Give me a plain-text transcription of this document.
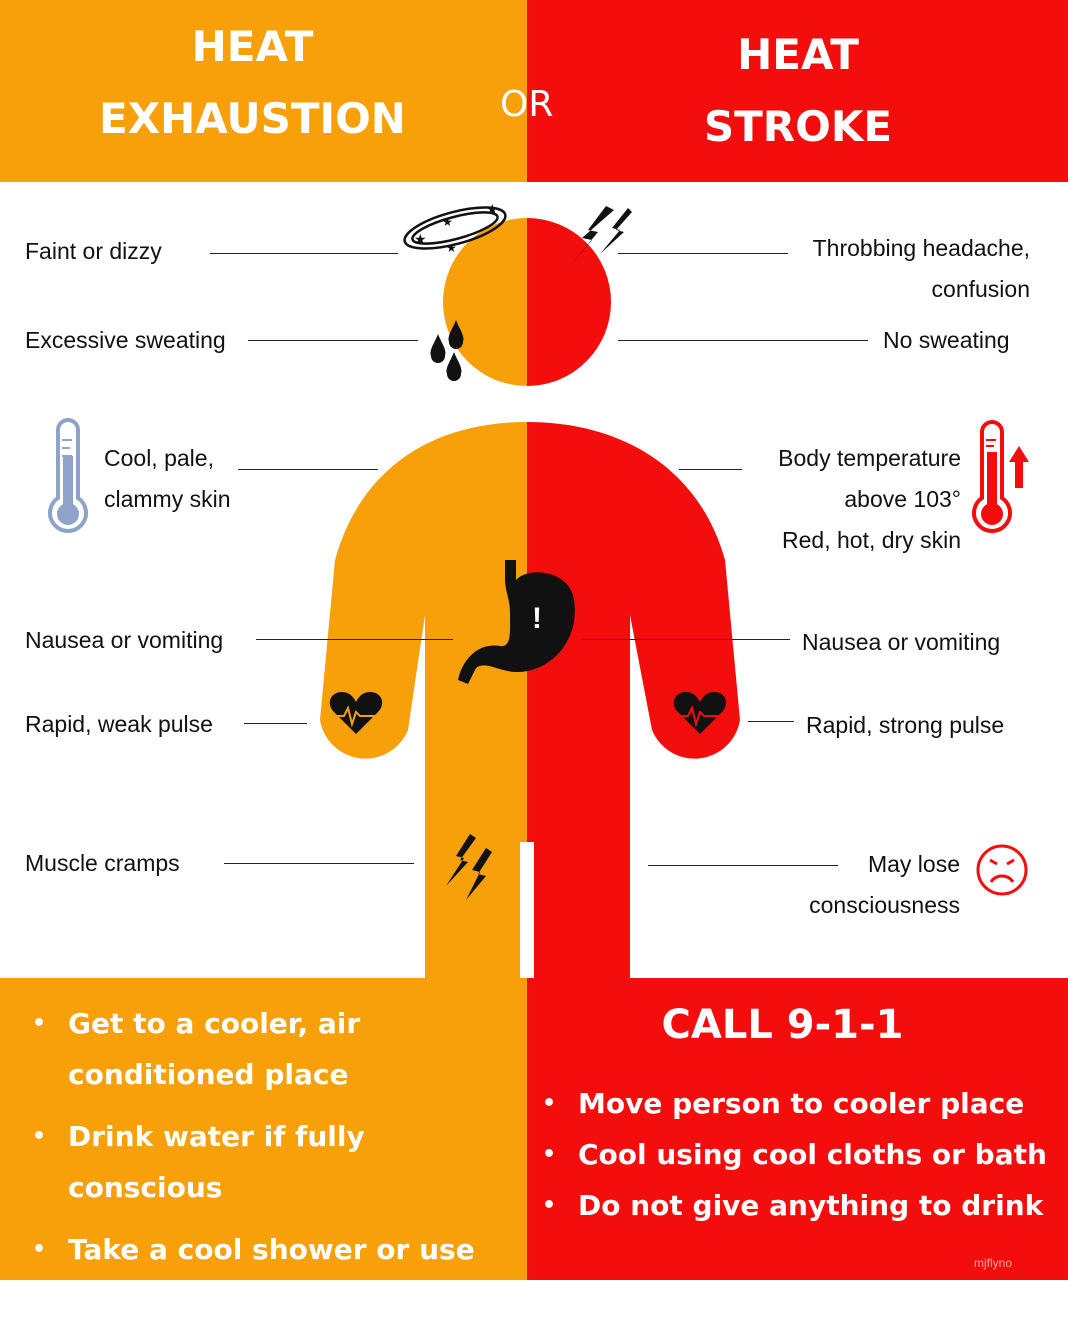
HEAT
EXHAUSTION	OR
HEAT
STROKE
★
★
★
★
!
Faint or dizzy
Excessive sweating
Cool, pale,
clammy skin
Nausea or vomiting
Rapid, weak pulse
Muscle cramps
Throbbing headache,
confusion
No sweating
Body temperature
above 103°
Red, hot, dry skin
Nausea or vomiting
Rapid, strong pulse
May lose
consciousness
• Get to a cooler, air
conditioned place
• Drink water if fully conscious
• Take a cool shower or use
cold compresses
CALL 9-1-1
• Move person to cooler place
• Cool using cool cloths or bath
• Do not give anything to drink
mjflyno
